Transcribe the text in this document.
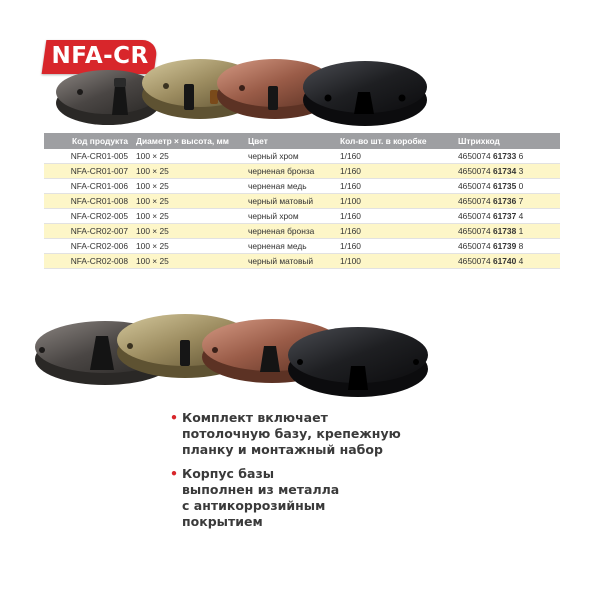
NFA-CR
Код продукта	Диаметр × высота, мм	Цвет	Кол-во шт. в коробке	Штрихкод
NFA-CR01-005	100 × 25	черный хром	1/160	4650074 61733 6
NFA-CR01-007	100 × 25	черненая бронза	1/160	4650074 61734 3
NFA-CR01-006	100 × 25	черненая медь	1/160	4650074 61735 0
NFA-CR01-008	100 × 25	черный матовый	1/100	4650074 61736 7
NFA-CR02-005	100 × 25	черный хром	1/160	4650074 61737 4
NFA-CR02-007	100 × 25	черненая бронза	1/160	4650074 61738 1
NFA-CR02-006	100 × 25	черненая медь	1/160	4650074 61739 8
NFA-CR02-008	100 × 25	черный матовый	1/100	4650074 61740 4
• Комплект включает
потолочную базу, крепежную
планку и монтажный набор
• Корпус базы
выполнен из металла
с антикоррозийным
покрытием
